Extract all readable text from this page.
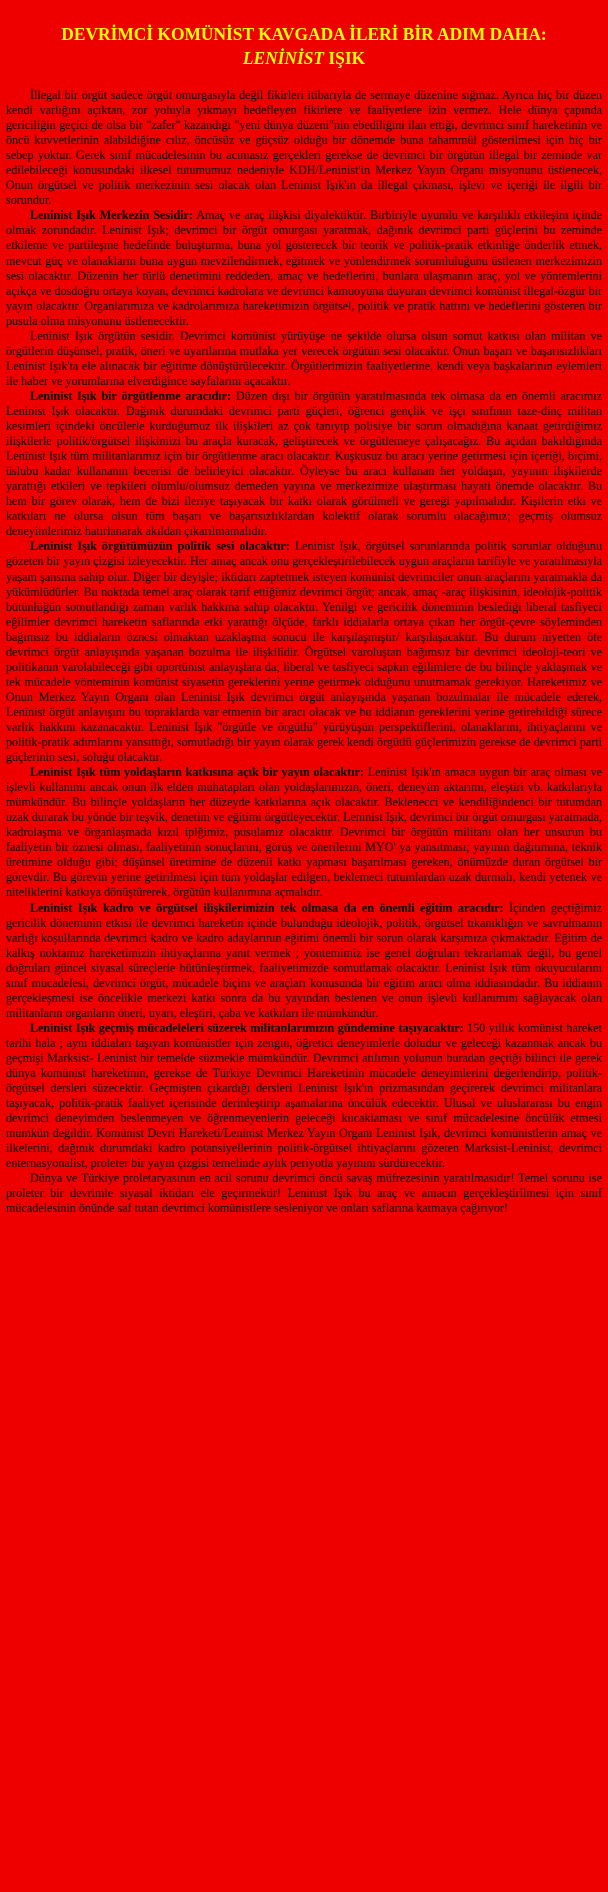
DEVRİMCİ KOMÜNİST KAVGADA İLERİ BİR ADIM DAHA:
LENİNİST IŞIK

İllegal bir örgüt sadece örgüt omurgasıyla değil fikirleri itibarıyla de sermaye düzenine sığmaz. Ayrıca hiç bir düzen kendi varlığını açıktan, zor yoluyla yıkmayı hedefleyen fikirlere ve faaliyetlere izin vermez. Hele dünya çapında gericiliğin geçici de olsa bir "zafer" kazandığı "yeni dünya düzeni"nin ebediliğini ilan ettiği, devrimci sınıf hareketinin ve öncü kuvvetlerinin alabildiğine cılız, öncüsüz ve güçsüz olduğu bir dönemde buna tahammül gösterilmesi için hiç bir sebep yoktur. Gerek sınıf mücadelesinin bu acımasız gerçekleri gerekse de devrimci bir örgütün illegal bir zeminde var edilebileceği konusundaki ilkesel tutumumuz nedeniyle KDH/Leninist'in Merkez Yayın Organı misyonunu üstlenecek, Onun örgütsel ve politik merkezinin sesi olacak olan Leninist Işık'ın da illegal çıkması, işlevi ve içeriği ile ilgili bir sorundur.

Leninist Işık Merkezin Sesidir: Amaç ve araç ilişkisi diyalektiktir. Birbiriyle uyumlu ve karşılıklı etkileşim içinde olmak zorundadır. Leninist Işık; devrimci bir örgüt omurgası yaratmak, dağınık devrimci parti güçlerini bu zeminde etkileme ve partileşme hedefinde buluşturma, buna yol gösterecek bir teorik ve politik-pratik etkinliğe önderlik etmek, mevcut güç ve olanakların buna uygun mevzilendirmek, eğitmek ve yönlendirmek sorumluluğunu üstlenen merkezimizin sesi olacaktır. Düzenin her türlü denetimini reddeden, amaç ve hedeflerini, bunlara ulaşmanın araç, yol ve yöntemlerini açıkça ve dosdoğru ortaya koyan, devrimci kadrolara ve devrimci kamuoyuna duyuran devrimci komünist illegal-özgür bir yayın olacaktır. Organlarımıza ve kadrolarımıza hareketimizin örgütsel, politik ve pratik hattını ve hedeflerini gösteren bir pusula olma misyonunu üstlenecektir.

Leninist Işık örgütün sesidir. Devrimci komünist yürüyüşe ne şekilde olursa olsun somut katkısı olan militan ve örgütlerin düşünsel, pratik, öneri ve uyarılarına mutlaka yer verecek örgütün sesi olacaktır. Onun başarı ve başarısızlıkları Leninist Işık'ta ele alınacak bir eğitime dönüştürülecektir. Örgütlerimizin faaliyetlerine, kendi veya başkalarının eylemleri ile haber ve yorumlarına elverdiğince sayfalarını açacaktır.

Leninist Işık bir örgütlenme aracıdır: Düzen dışı bir örgütün yaratılmasında tek olmasa da en önemli aracımız Leninist Işık olacaktır. Dağınık durumdaki devrimci parti güçleri, öğrenci gençlik ve işçi sınıfının taze-dinç militan kesimleri içindeki öncülerle kurduğumuz ilk ilişkileri az çok tanıyıp polisiye bir sorun olmadığına kanaat getirdiğimiz ilişkilerle politik/örgütsel ilişkimizi bu araçla kuracak, geliştirecek ve örgütlemeye çalışacağız. Bu açıdan bakıldığında Leninist Işık tüm militanlarımız için bir örgütlenme aracı olacaktır. Kuşkusuz bu aracı yerine getirmesi için içeriği, biçimi, üslubu kadar kullananın becerisi de belirleyici olacaktır. Öyleyse bu aracı kullanan her yoldaşın, yayının ilişkilerde yarattığı etkileri ve tepkileri olumlu/olumsuz demeden yayına ve merkezimize ulaştırması hayati önemde olacaktır. Bu hem bir görev olarak, hem de bizi ileriye taşıyacak bir katkı olarak görülmeli ve gereği yapılmalıdır. Kişilerin etki ve katkıları ne olursa olsun tüm başarı ve başarısızlıklardan kolektif olarak sorumlu olacağımız; geçmiş olumsuz deneyimlerimiz hatırlanarak akıldan çıkarılmamalıdır.

Leninist Işık örgütümüzün politik sesi olacaktır: Leninist Işık, örgütsel sorunlarında politik sorunlar olduğunu gözeten bir yayın çizgisi izleyecektir. Her amaç ancak onu gerçekleştirilebilecek uygun araçların tarifiyle ve yaratılmasıyla yaşam şansına sahip olur. Diğer bir deyişle; iktidarı zaptetmek isteyen komünist devrimciler onun araçlarını yaratmakla da yükümlüdürler. Bu noktada temel araç olarak tarif ettiğimiz devrimci örgüt; ancak, amaç -araç ilişkisinin, ideolojik-politik bütünlüğün somutlandığı zaman varlık hakkına sahip olacaktır. Yenilgi ve gericilik döneminin beslediği liberal tasfiyeci eğilimler devrimci hareketin saflarında etki yarattığı ölçüde, farklı iddialarla ortaya çıkan her örgüt-çevre söyleminden bağımsız bu iddiaların özncsi olmaktan uzaklaşma sonucu ile karşılaşmıştır/ karşılaşacaktır. Bu durum niyetten öte devrimci örgüt anlayışında yaşanan bozulma ile ilişkilidir. Örgütsel varoluştan bağımsız bir devrimci ideoloji-teori ve politikanın varolabileceği gibi oportünist anlayışlara da; liberal ve tasfiyeci sapkın eğilimlere de bu bilinçle yaklaşmak ve tek mücadele yönteminin komünist siyasetin gereklerini yerine getirmek olduğunu unutmamak gerekiyor. Hareketimiz ve Onun Merkez Yayın Organı olan Leninist Işık devrimci örgüt anlayışında yaşanan bozulmalar ile mücadele ederek, Leninist örgüt anlayışını bu topraklarda var etmenin bir aracı olacak ve bu iddianın gereklerini yerine getirebildiği sürece varlık hakkını kazanacaktır. Leninist Işık "örgütle ve örgütlü" yürüyüşün perspektiflerini, olanaklarını, ihtiyaçlarını ve politik-pratik adımlarını yansıttığı, somutladığı bir yayın olarak gerek kendi örgütlü güçlerimizin gerekse de devrimci parti güçlerinin sesi, soluğu olacaktır.

Leninist Işık tüm yoldaşların katkısına açık bir yayın olacaktır: Leninist Işık'ın amaca uygun bir araç olması ve işlevli kullanımı ancak onun ilk elden muhatapları olan yoldaşlarımızın, öneri, deneyim aktarımı, eleştiri vb. katkılarıyla mümkündür. Bu bilinçle yoldaşların her düzeyde katkılarına açık olacaktır. Beklenecci ve kendiliğindenci bir tutumdan uzak durarak bu yönde bir teşvik, denetim ve eğitimi örgütleyecektir. Leninist Işık, devrimci bir örgüt omurgası yaratmada, kadrolaşma ve örganlaşmada kızıl iplğimiz, pusulamız olacaktır. Devrimci bir örgütün militanı olan her unsurun bu faaliyetin bir öznesi olması, faaliyetinin sonuçlarını, görüş ve önerilerini MYO' ya yansıtması; yayının dağıtımına, teknik üretimine olduğu gibi; düşünsel üretimine de düzenli katkı yapması başarılması gereken, önümüzde duran örgütsel bir görevdir. Bu görevin yerine getirilmesi için tüm yoldaşlar edilgen, beklemeci tutumlardan uzak durmalı, kendi yetenek ve niteliklerini katkıya dönüştürerek, örgütün kullanımına açmalıdır.

Leninist Işık kadro ve örgütsel ilişkilerimizin tek olmasa da en önemli eğitim aracıdır: İçinden geçtiğimiz gericilik döneminin etkisi ile devrimci hareketin içinde bulunduğu ideolojik, politik, örgütsel tıkanıklığın ve savrulmanın varlığı koşullarında devrimci kadro ve kadro adaylarının eğitimi önemli bir sorun olarak karşımıza çıkmaktadır. Eğitim de kalkış noktamız hareketimizin ihtiyaçlarına yanıt vermek ; yöntemimiz ise genel doğruları tekrarlamak değil, bu genel doğruları güncel siyasal süreçlerle bütünleştirmek, faaliyetimizde somutlamak olacaktır. Leninist Işık tüm okuyucularını sınıf mücadelesi, devrimci örgüt, mücadele biçim ve araçları konusunda bir eğitim aracı olma iddiasındadır. Bu iddianın gerçekleşmesi ise öncelikle merkezi katkı sonra da bu yayından beslenen ve onun işlevli kullanımını sağlayacak olan militanların organların öneri, uyarı, eleştiri, çaba ve katkıları ile mümkündür.

Leninist Işık geçmiş mücadeleleri süzerek militanlarımızın gündemine taşıyacaktır: 150 yıllık komünist hareket tarihi hala ; aynı iddiaları taşıyan komünistler için zengin, öğretici deneyimlerle doludur ve geleceği kazanmak ancak bu geçmişi Marksist- Leninist bir temelde süzmekle mümkündür. Devrimci atılımın yolunun buradan geçtiği bilinci ile gerek dünya komünist hareketinin, gerekse de Türkiye Devrimci Hareketinin mücadele deneyimlerini değerlendirip, politik-örgütsel dersleri süzecektir. Geçmişten çıkardığı dersleri Leninist Işık'ın prizmasından geçirerek devrimci militanlara taşıyacak, politik-pratik faaliyet içerisinde derinleştirip aşamalarına öncülük edecektir. Ulusal ve uluslararası bu engin devrimci deneyimden beslenmeyen ve öğrenmeyenlerin geleceği kucaklaması ve sınıf mücadelesine öncülük etmesi mümkün değildir. Komünist Devri Hareketi/Leninist Merkez Yayın Organı Leninist Işık, devrimci komünistlerin amaç ve ilkelerini, dağınık durumdaki kadro potansiyellerinin politik-örgütsel ihtiyaçlarını gözeten Marksist-Leninist, devrimci enternasyonalist, proleter bir yayın çizgisi temelinde aylık periyotla yayınını sürdürecektir.

Dünya ve Türkiye proletaryasının en acil sorunu devrimci öncü savaş müfrezesinin yaratılmasıdır! Temel sorunu ise proleter bir devrimle siyasal iktidarı ele geçirmektir! Leninist Işık bu araç ve amacın gerçekleştirilmesi için sınıf mücadelesinin önünde saf tutan devrimci komünistlere sesleniyor ve onları saflarına katmaya çağırıyor!
